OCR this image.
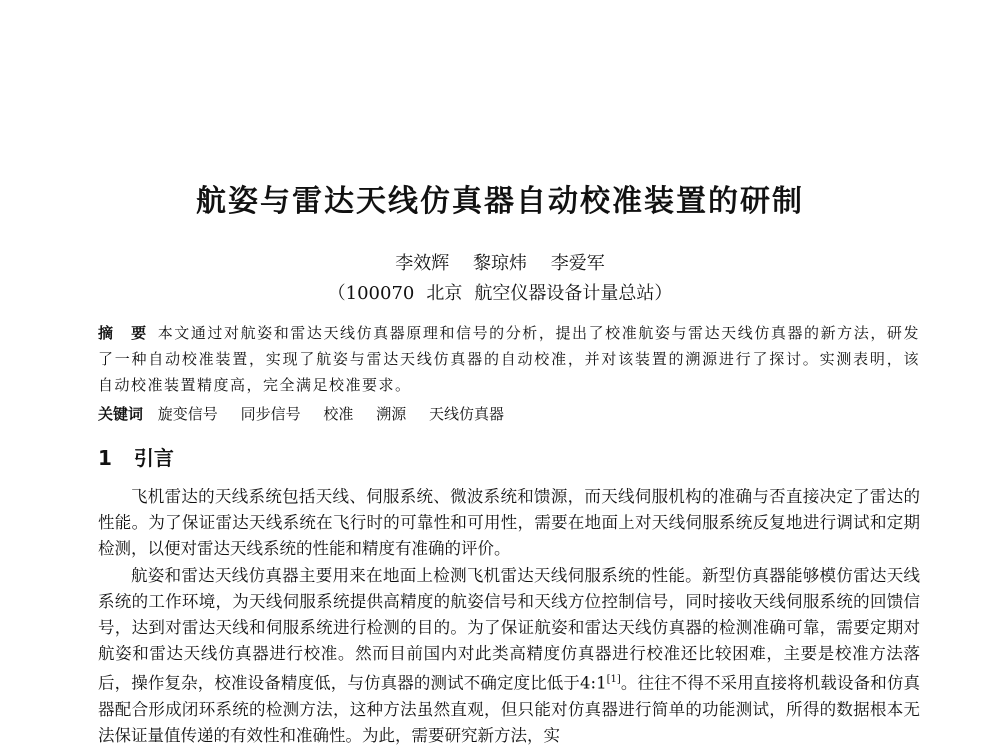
航姿与雷达天线仿真器自动校准装置的研制
李效辉 黎琼炜 李爱军
（100070 北京 航空仪器设备计量总站）
摘　要 本文通过对航姿和雷达天线仿真器原理和信号的分析，提出了校准航姿与雷达天线仿真器的新方法，研发了一种自动校准装置，实现了航姿与雷达天线仿真器的自动校准，并对该装置的溯源进行了探讨。实测表明，该自动校准装置精度高，完全满足校准要求。
关键词 旋变信号 同步信号 校准 溯源 天线仿真器
1 引言

飞机雷达的天线系统包括天线、伺服系统、微波系统和馈源，而天线伺服机构的准确与否直接决定了雷达的性能。为了保证雷达天线系统在飞行时的可靠性和可用性，需要在地面上对天线伺服系统反复地进行调试和定期检测，以便对雷达天线系统的性能和精度有准确的评价。

航姿和雷达天线仿真器主要用来在地面上检测飞机雷达天线伺服系统的性能。新型仿真器能够模仿雷达天线系统的工作环境，为天线伺服系统提供高精度的航姿信号和天线方位控制信号，同时接收天线伺服系统的回馈信号，达到对雷达天线和伺服系统进行检测的目的。为了保证航姿和雷达天线仿真器的检测准确可靠，需要定期对航姿和雷达天线仿真器进行校准。然而目前国内对此类高精度仿真器进行校准还比较困难，主要是校准方法落后，操作复杂，校准设备精度低，与仿真器的测试不确定度比低于4:1[1]。往往不得不采用直接将机载设备和仿真器配合形成闭环系统的检测方法，这种方法虽然直观，但只能对仿真器进行简单的功能测试，所得的数据根本无法保证量值传递的有效性和准确性。为此，需要研究新方法，实
